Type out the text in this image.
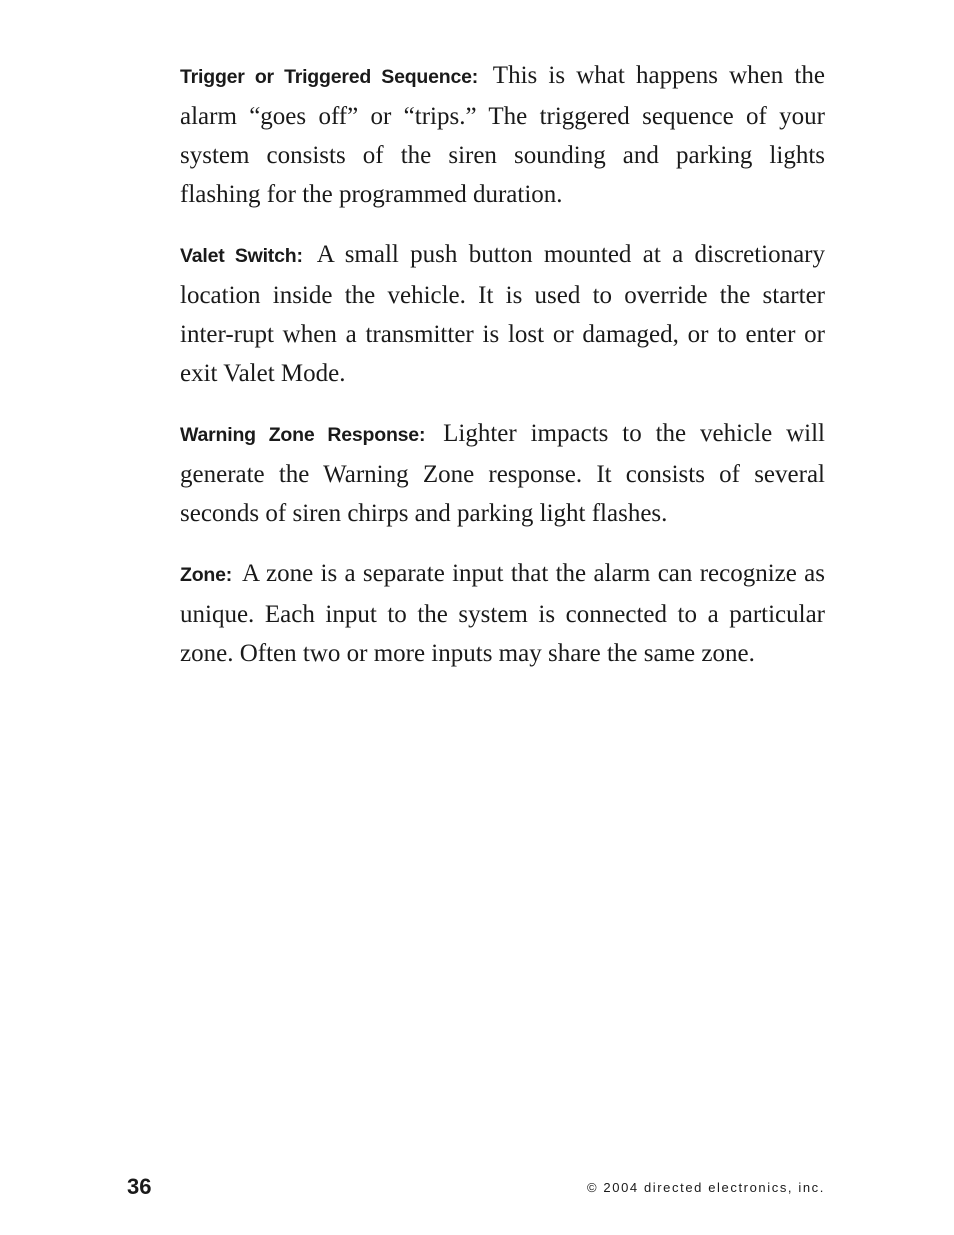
Trigger or Triggered Sequence: This is what happens when the alarm “goes off” or “trips.” The triggered sequence of your system consists of the siren sounding and parking lights flashing for the programmed duration.

Valet Switch: A small push button mounted at a discretionary location inside the vehicle. It is used to override the starter inter-rupt when a transmitter is lost or damaged, or to enter or exit Valet Mode.

Warning Zone Response: Lighter impacts to the vehicle will generate the Warning Zone response. It consists of several seconds of siren chirps and parking light flashes.

Zone: A zone is a separate input that the alarm can recognize as unique. Each input to the system is connected to a particular zone. Often two or more inputs may share the same zone.

36	© 2004 directed electronics, inc.
